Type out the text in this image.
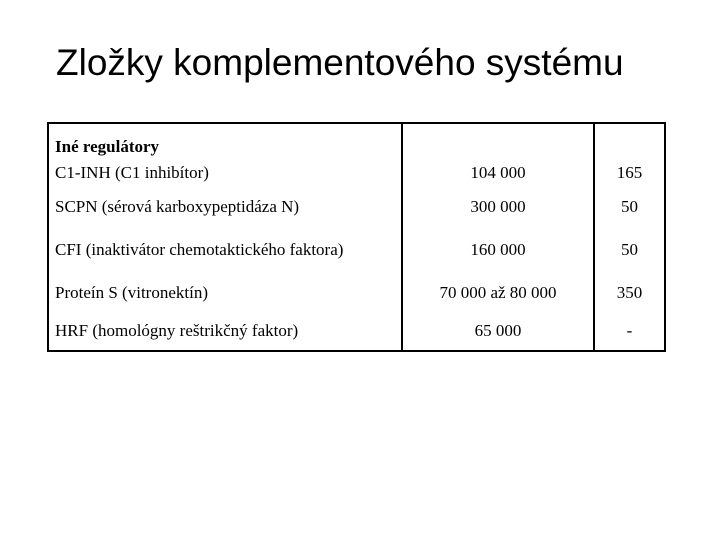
Zložky komplementového systému
Iné regulátory		
C1-INH (C1 inhibítor)	104 000	165
SCPN (sérová karboxypeptidáza N)	300 000	50
CFI (inaktivátor chemotaktického faktora)	160 000	50
Proteín S (vitronektín)	70 000 až 80 000	350
HRF (homológny reštrikčný faktor)	65 000	-
